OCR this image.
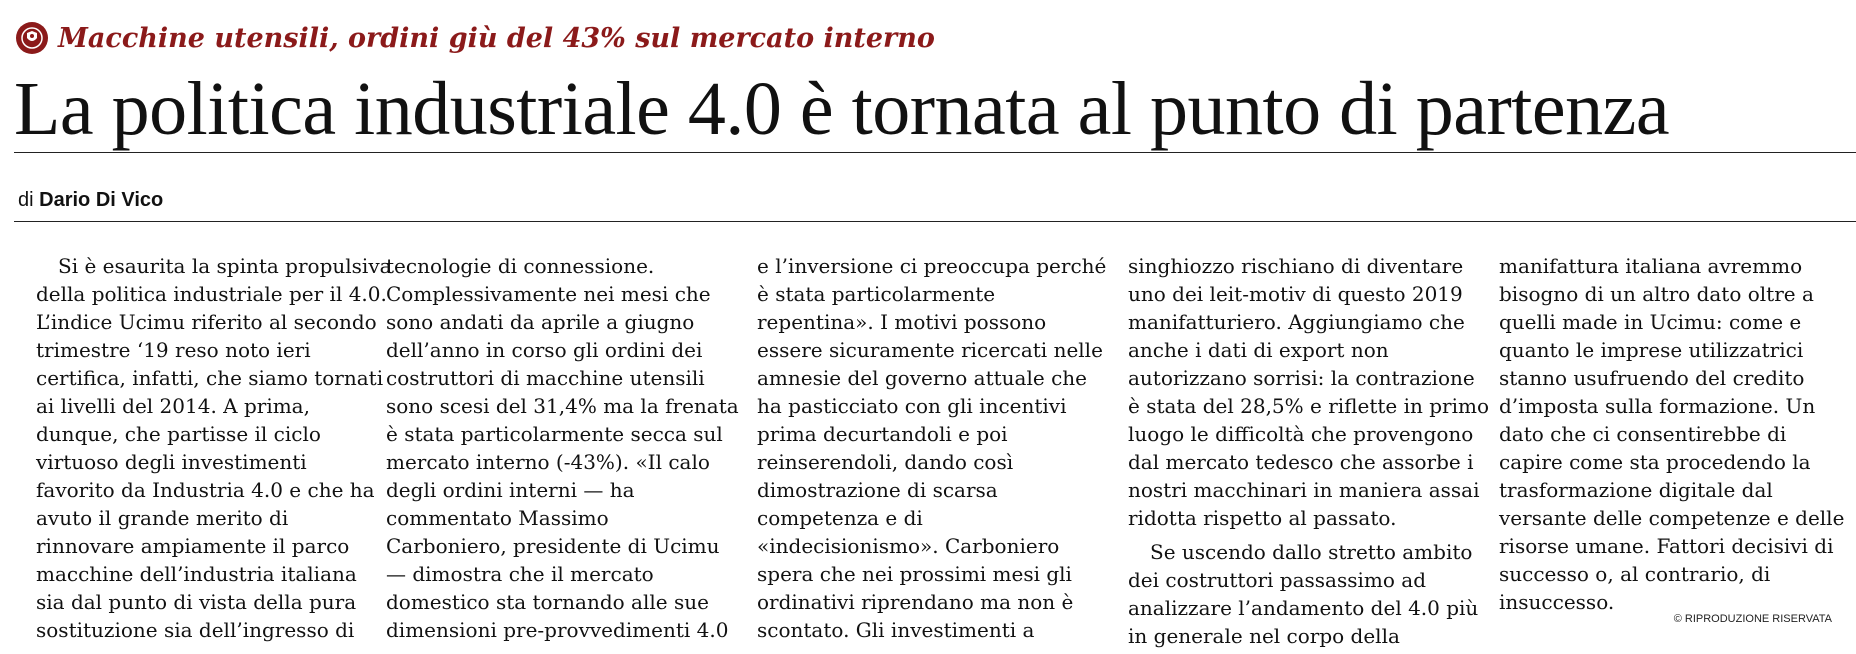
Macchine utensili, ordini giù del 43% sul mercato interno
La politica industriale 4.0 è tornata al punto di partenza
di Dario Di Vico
Si è esaurita la spinta propulsiva
della politica industriale per il 4.0.
L’indice Ucimu riferito al secondo
trimestre ‘19 reso noto ieri
certifica, infatti, che siamo tornati
ai livelli del 2014. A prima,
dunque, che partisse il ciclo
virtuoso degli investimenti
favorito da Industria 4.0 e che ha
avuto il grande merito di
rinnovare ampiamente il parco
macchine dell’industria italiana
sia dal punto di vista della pura
sostituzione sia dell’ingresso di
tecnologie di connessione.
Complessivamente nei mesi che
sono andati da aprile a giugno
dell’anno in corso gli ordini dei
costruttori di macchine utensili
sono scesi del 31,4% ma la frenata
è stata particolarmente secca sul
mercato interno (-43%). «Il calo
degli ordini interni — ha
commentato Massimo
Carboniero, presidente di Ucimu
— dimostra che il mercato
domestico sta tornando alle sue
dimensioni pre-provvedimenti 4.0
e l’inversione ci preoccupa perché
è stata particolarmente
repentina». I motivi possono
essere sicuramente ricercati nelle
amnesie del governo attuale che
ha pasticciato con gli incentivi
prima decurtandoli e poi
reinserendoli, dando così
dimostrazione di scarsa
competenza e di
«indecisionismo». Carboniero
spera che nei prossimi mesi gli
ordinativi riprendano ma non è
scontato. Gli investimenti a
singhiozzo rischiano di diventare
uno dei leit-motiv di questo 2019
manifatturiero. Aggiungiamo che
anche i dati di export non
autorizzano sorrisi: la contrazione
è stata del 28,5% e riflette in primo
luogo le difficoltà che provengono
dal mercato tedesco che assorbe i
nostri macchinari in maniera assai
ridotta rispetto al passato.
Se uscendo dallo stretto ambito
dei costruttori passassimo ad
analizzare l’andamento del 4.0 più
in generale nel corpo della
manifattura italiana avremmo
bisogno di un altro dato oltre a
quelli made in Ucimu: come e
quanto le imprese utilizzatrici
stanno usufruendo del credito
d’imposta sulla formazione. Un
dato che ci consentirebbe di
capire come sta procedendo la
trasformazione digitale dal
versante delle competenze e delle
risorse umane. Fattori decisivi di
successo o, al contrario, di
insuccesso.
© RIPRODUZIONE RISERVATA
